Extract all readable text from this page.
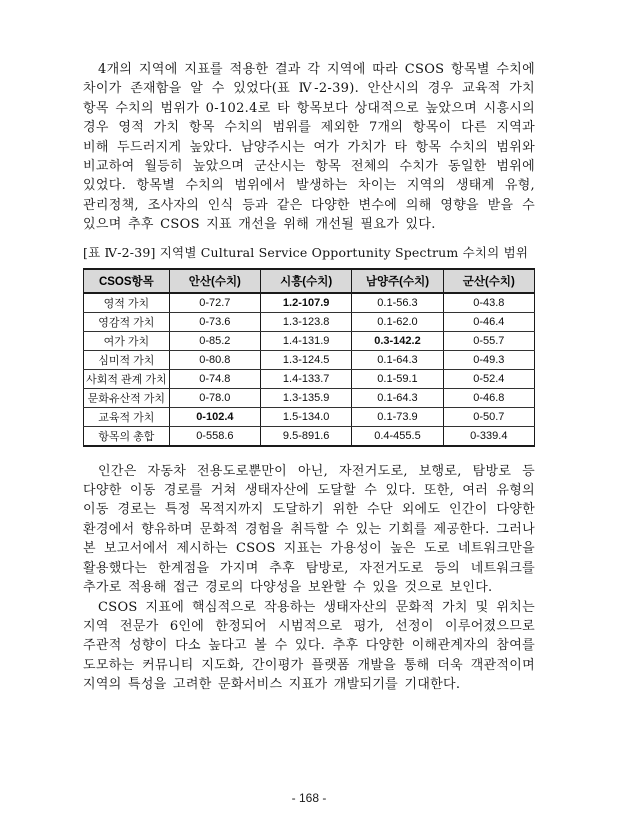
4개의 지역에 지표를 적용한 결과 각 지역에 따라 CSOS 항목별 수치에 차이가 존재함을 알 수 있었다(표 Ⅳ-2-39). 안산시의 경우 교육적 가치 항목 수치의 범위가 0-102.4로 타 항목보다 상대적으로 높았으며 시흥시의 경우 영적 가치 항목 수치의 범위를 제외한 7개의 항목이 다른 지역과 비해 두드러지게 높았다. 남양주시는 여가 가치가 타 항목 수치의 범위와 비교하여 월등히 높았으며 군산시는 항목 전체의 수치가 동일한 범위에 있었다. 항목별 수치의 범위에서 발생하는 차이는 지역의 생태계 유형, 관리정책, 조사자의 인식 등과 같은 다양한 변수에 의해 영향을 받을 수 있으며 추후 CSOS 지표 개선을 위해 개선될 필요가 있다.

[표 Ⅳ-2-39] 지역별 Cultural Service Opportunity Spectrum 수치의 범위

CSOS항목	안산(수치)	시흥(수치)	남양주(수치)	군산(수치)
영적 가치	0-72.7	1.2-107.9	0.1-56.3	0-43.8
영감적 가치	0-73.6	1.3-123.8	0.1-62.0	0-46.4
여가 가치	0-85.2	1.4-131.9	0.3-142.2	0-55.7
심미적 가치	0-80.8	1.3-124.5	0.1-64.3	0-49.3
사회적 관계 가치	0-74.8	1.4-133.7	0.1-59.1	0-52.4
문화유산적 가치	0-78.0	1.3-135.9	0.1-64.3	0-46.8
교육적 가치	0-102.4	1.5-134.0	0.1-73.9	0-50.7
항목의 총합	0-558.6	9.5-891.6	0.4-455.5	0-339.4

인간은 자동차 전용도로뿐만이 아닌, 자전거도로, 보행로, 탐방로 등 다양한 이동 경로를 거쳐 생태자산에 도달할 수 있다. 또한, 여러 유형의 이동 경로는 특정 목적지까지 도달하기 위한 수단 외에도 인간이 다양한 환경에서 향유하며 문화적 경험을 취득할 수 있는 기회를 제공한다. 그러나 본 보고서에서 제시하는 CSOS 지표는 가용성이 높은 도로 네트워크만을 활용했다는 한계점을 가지며 추후 탐방로, 자전거도로 등의 네트워크를 추가로 적용해 접근 경로의 다양성을 보완할 수 있을 것으로 보인다.

CSOS 지표에 핵심적으로 작용하는 생태자산의 문화적 가치 및 위치는 지역 전문가 6인에 한정되어 시범적으로 평가, 선정이 이루어졌으므로 주관적 성향이 다소 높다고 볼 수 있다. 추후 다양한 이해관계자의 참여를 도모하는 커뮤니티 지도화, 간이평가 플랫폼 개발을 통해 더욱 객관적이며 지역의 특성을 고려한 문화서비스 지표가 개발되기를 기대한다.

- 168 -
